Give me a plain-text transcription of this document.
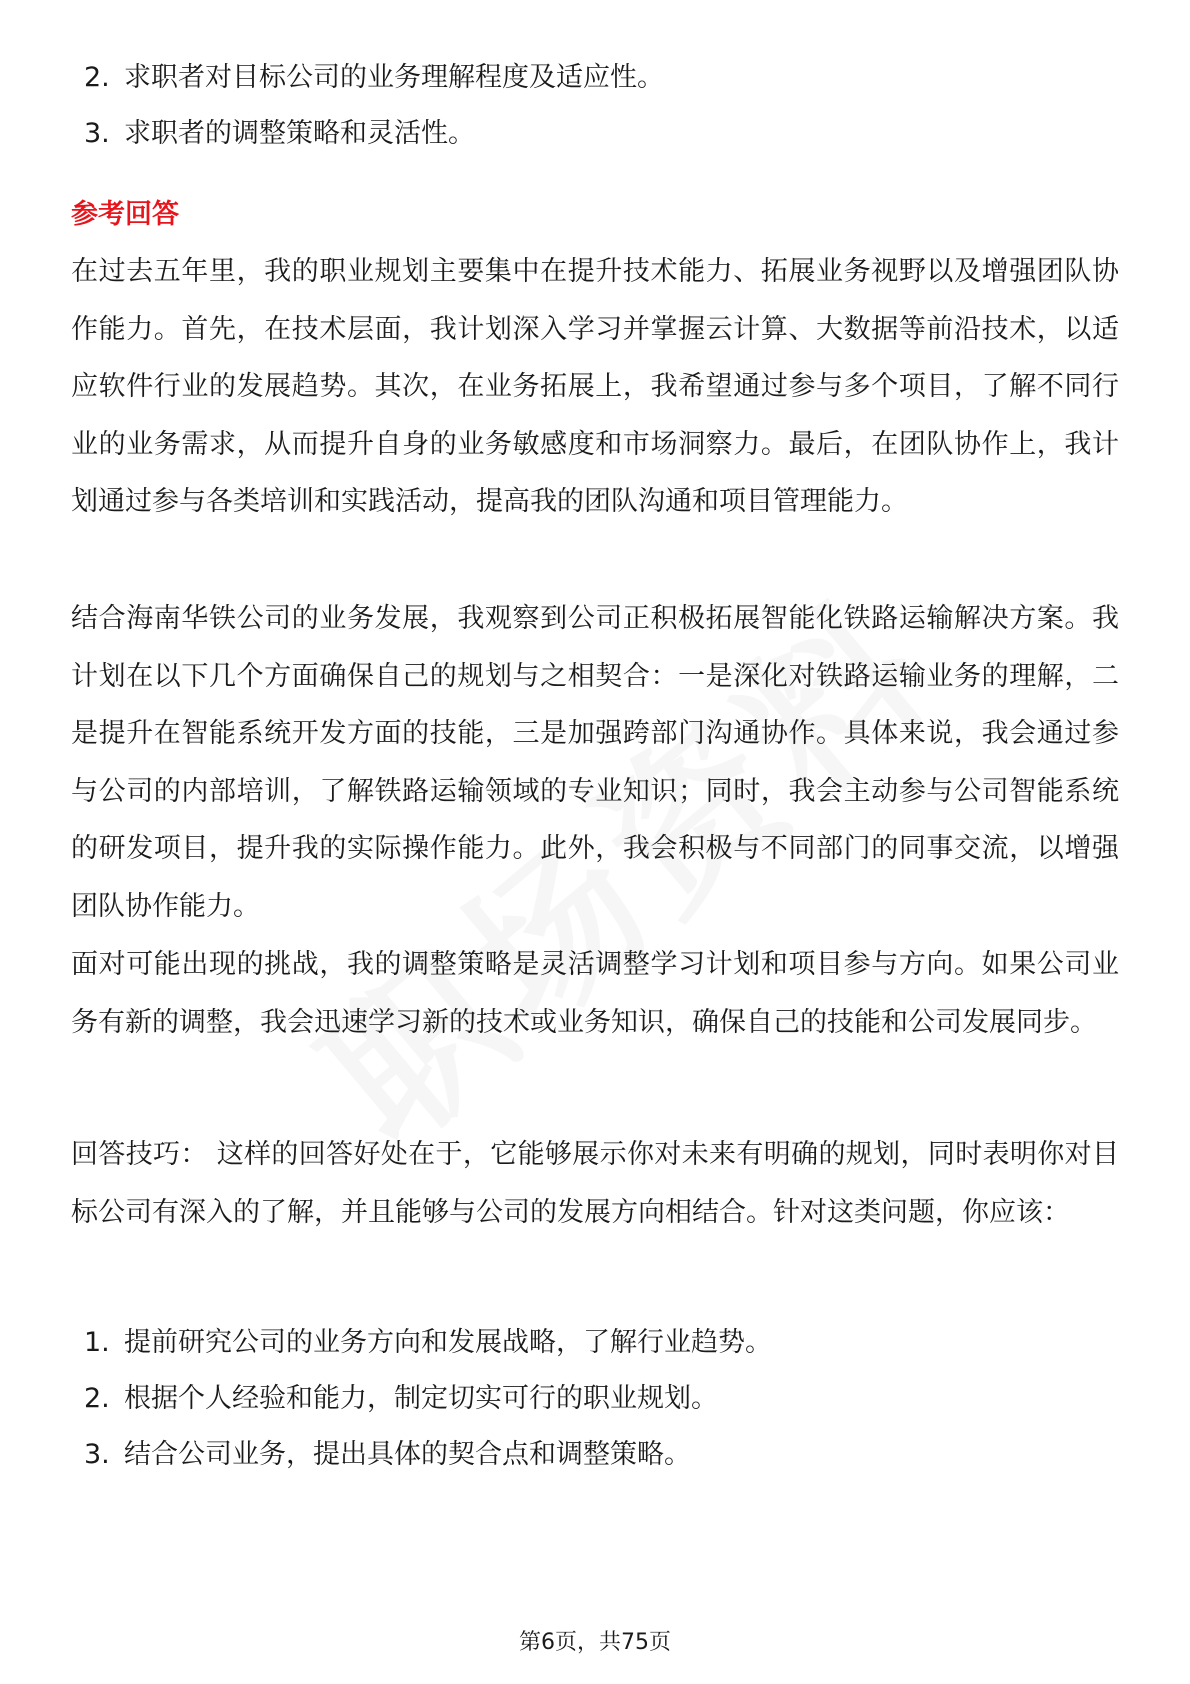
2. 求职者对目标公司的业务理解程度及适应性。
3. 求职者的调整策略和灵活性。
参考回答

在过去五年里，我的职业规划主要集中在提升技术能力、拓展业务视野以及增强团队协作能力。首先，在技术层面，我计划深入学习并掌握云计算、大数据等前沿技术，以适应软件行业的发展趋势。其次，在业务拓展上，我希望通过参与多个项目，了解不同行业的业务需求，从而提升自身的业务敏感度和市场洞察力。最后，在团队协作上，我计划通过参与各类培训和实践活动，提高我的团队沟通和项目管理能力。

结合海南华铁公司的业务发展，我观察到公司正积极拓展智能化铁路运输解决方案。我计划在以下几个方面确保自己的规划与之相契合：一是深化对铁路运输业务的理解，二是提升在智能系统开发方面的技能，三是加强跨部门沟通协作。具体来说，我会通过参与公司的内部培训，了解铁路运输领域的专业知识；同时，我会主动参与公司智能系统的研发项目，提升我的实际操作能力。此外，我会积极与不同部门的同事交流，以增强团队协作能力。

面对可能出现的挑战，我的调整策略是灵活调整学习计划和项目参与方向。如果公司业务有新的调整，我会迅速学习新的技术或业务知识，确保自己的技能和公司发展同步。

回答技巧： 这样的回答好处在于，它能够展示你对未来有明确的规划，同时表明你对目标公司有深入的了解，并且能够与公司的发展方向相结合。针对这类问题，你应该：

1. 提前研究公司的业务方向和发展战略，了解行业趋势。
2. 根据个人经验和能力，制定切实可行的职业规划。
3. 结合公司业务，提出具体的契合点和调整策略。
第6页，共75页
